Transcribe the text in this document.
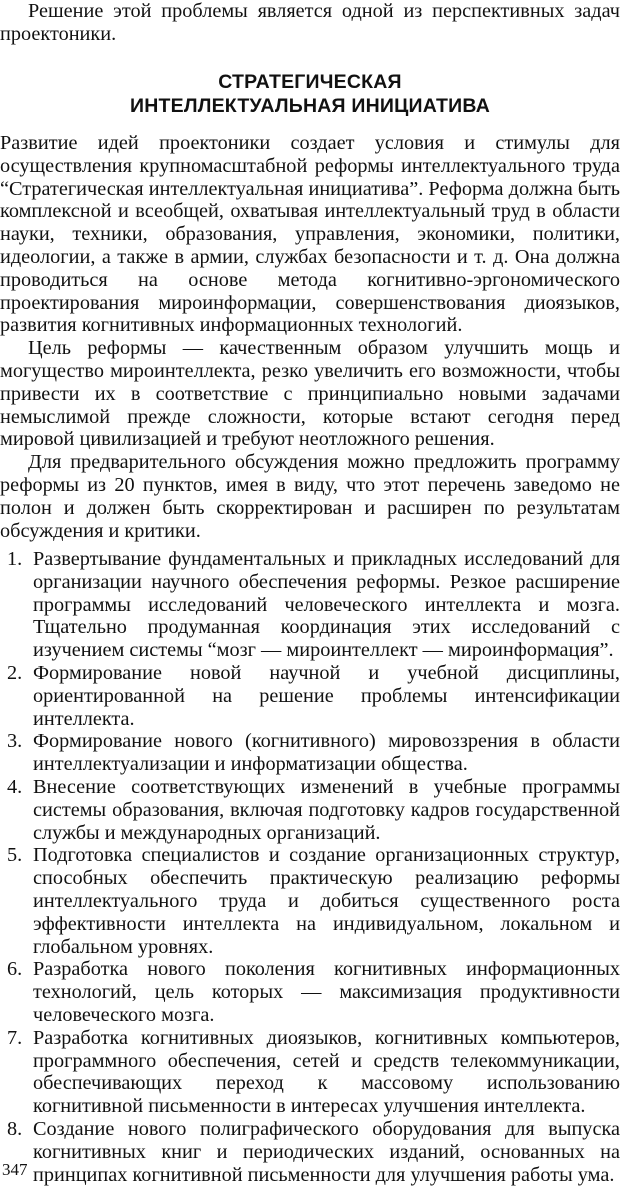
Решение этой проблемы является одной из перспективных задач проектоники.

СТРАТЕГИЧЕСКАЯ
ИНТЕЛЛЕКТУАЛЬНАЯ ИНИЦИАТИВА

Развитие идей проектоники создает условия и стимулы для осуществления крупномасштабной реформы интеллектуального труда “Стратегическая интеллектуальная инициатива”. Реформа должна быть комплексной и всеобщей, охватывая интеллектуальный труд в области науки, техники, образования, управления, экономики, политики, идеологии, а также в армии, службах безопасности и т. д. Она должна проводиться на основе метода когнитивно-эргономического проектирования мироинформации, совершенствования диоязыков, развития когнитивных информационных технологий.

Цель реформы — качественным образом улучшить мощь и могущество мироинтеллекта, резко увеличить его возможности, чтобы привести их в соответствие с принципиально новыми задачами немыслимой прежде сложности, которые встают сегодня перед мировой цивилизацией и требуют неотложного решения.

Для предварительного обсуждения можно предложить программу реформы из 20 пунктов, имея в виду, что этот перечень заведомо не полон и должен быть скорректирован и расширен по результатам обсуждения и критики.

1. Развертывание фундаментальных и прикладных исследований для организации научного обеспечения реформы. Резкое расширение программы исследований человеческого интеллекта и мозга. Тщательно продуманная координация этих исследований с изучением системы “мозг — мироинтеллект — мироинформация”.
2. Формирование новой научной и учебной дисциплины, ориентированной на решение проблемы интенсификации интеллекта.
3. Формирование нового (когнитивного) мировоззрения в области интеллектуализации и информатизации общества.
4. Внесение соответствующих изменений в учебные программы системы образования, включая подготовку кадров государственной службы и международных организаций.
5. Подготовка специалистов и создание организационных структур, способных обеспечить практическую реализацию реформы интеллектуального труда и добиться существенного роста эффективности интеллекта на индивидуальном, локальном и глобальном уровнях.
6. Разработка нового поколения когнитивных информационных технологий, цель которых — максимизация продуктивности человеческого мозга.
7. Разработка когнитивных диоязыков, когнитивных компьютеров, программного обеспечения, сетей и средств телекоммуникации, обеспечивающих переход к массовому использованию когнитивной письменности в интересах улучшения интеллекта.
8. Создание нового полиграфического оборудования для выпуска когнитивных книг и периодических изданий, основанных на принципах когнитивной письменности для улучшения работы ума.
347
